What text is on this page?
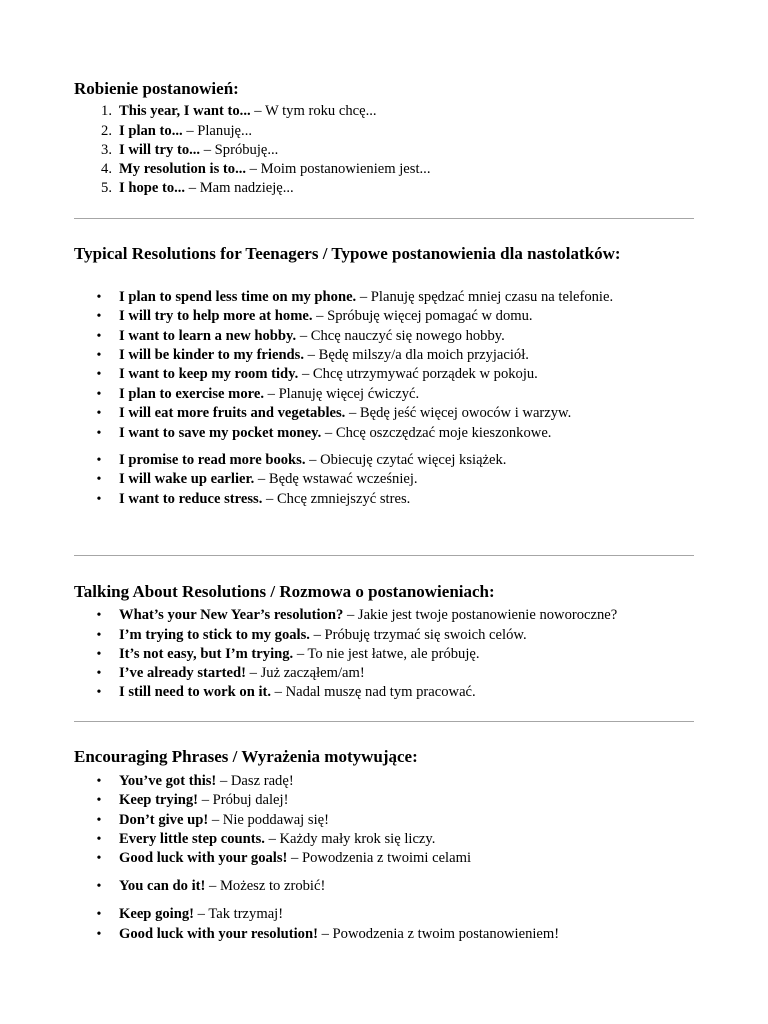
Robienie postanowień:
1. This year, I want to... – W tym roku chcę...
2. I plan to... – Planuję...
3. I will try to... – Spróbuję...
4. My resolution is to... – Moim postanowieniem jest...
5. I hope to... – Mam nadzieję...
Typical Resolutions for Teenagers / Typowe postanowienia dla nastolatków:
•	I plan to spend less time on my phone. – Planuję spędzać mniej czasu na telefonie.
•	I will try to help more at home. – Spróbuję więcej pomagać w domu.
•	I want to learn a new hobby. – Chcę nauczyć się nowego hobby.
•	I will be kinder to my friends. – Będę milszy/a dla moich przyjaciół.
•	I want to keep my room tidy. – Chcę utrzymywać porządek w pokoju.
•	I plan to exercise more. – Planuję więcej ćwiczyć.
•	I will eat more fruits and vegetables. – Będę jeść więcej owoców i warzyw.
•	I want to save my pocket money. – Chcę oszczędzać moje kieszonkowe.
•	I promise to read more books. – Obiecuję czytać więcej książek.
•	I will wake up earlier. – Będę wstawać wcześniej.
•	I want to reduce stress. – Chcę zmniejszyć stres.
Talking About Resolutions / Rozmowa o postanowieniach:
•	What’s your New Year’s resolution? – Jakie jest twoje postanowienie noworoczne?
•	I’m trying to stick to my goals. – Próbuję trzymać się swoich celów.
•	It’s not easy, but I’m trying. – To nie jest łatwe, ale próbuję.
•	I’ve already started! – Już zacząłem/am!
•	I still need to work on it. – Nadal muszę nad tym pracować.
Encouraging Phrases / Wyrażenia motywujące:
•	You’ve got this! – Dasz radę!
•	Keep trying! – Próbuj dalej!
•	Don’t give up! – Nie poddawaj się!
•	Every little step counts. – Każdy mały krok się liczy.
•	Good luck with your goals! – Powodzenia z twoimi celami
•	You can do it! – Możesz to zrobić!
•	Keep going! – Tak trzymaj!
•	Good luck with your resolution! – Powodzenia z twoim postanowieniem!
